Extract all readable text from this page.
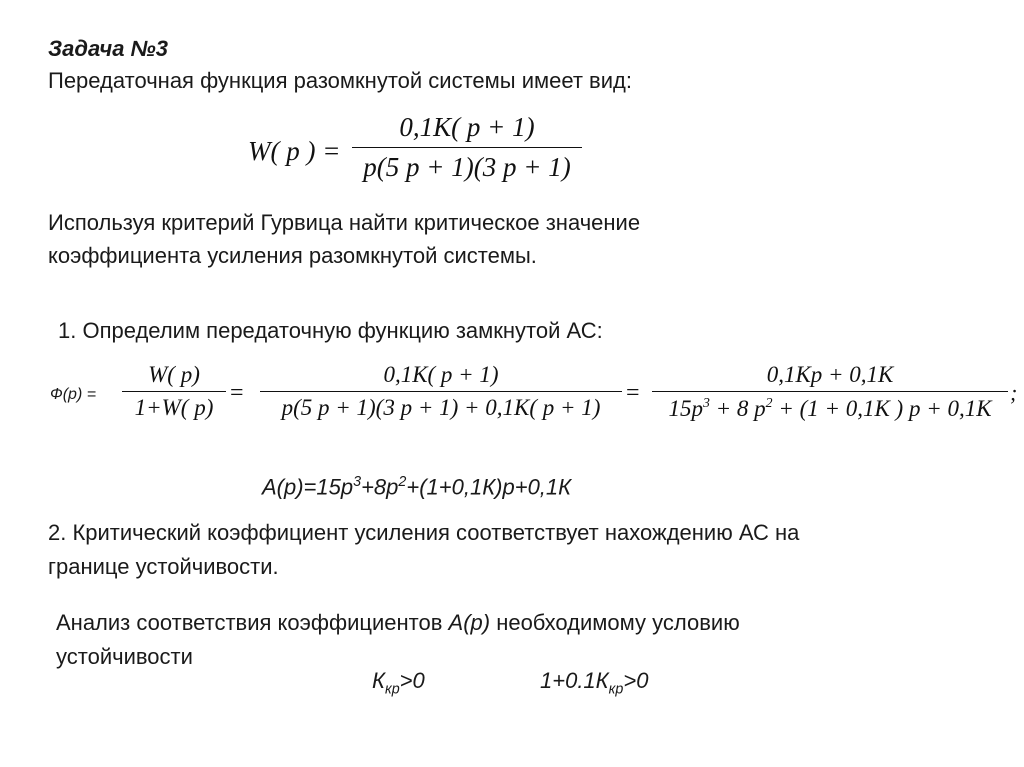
Задача №3
Передаточная функция разомкнутой системы имеет вид:
W( p ) =
0,1К( p + 1)
p(5 p + 1)(3 p + 1)
Используя критерий Гурвица найти критическое значение
коэффициента усиления разомкнутой системы.
1. Определим передаточную функцию замкнутой АС:
Ф(р) =
W( p)
1+W( p)
=
0,1К( p + 1)
p(5 p + 1)(3 p + 1) + 0,1К( p + 1)
=
0,1Кp + 0,1К
$15p^3 + 8$ $p^2 + (1 + 0,1К$ ) p + 0,1К
;
$A(p)=15p^3+8p^2+(1+0,1К)p+0,1К$
2. Критический коэффициент усиления соответствует нахождению АС на
границе устойчивости.
Анализ соответствия коэффициентов A(p) необходимому условию
устойчивости
$К_{кр}>0$	$1+0.1К_{кр}>0$
